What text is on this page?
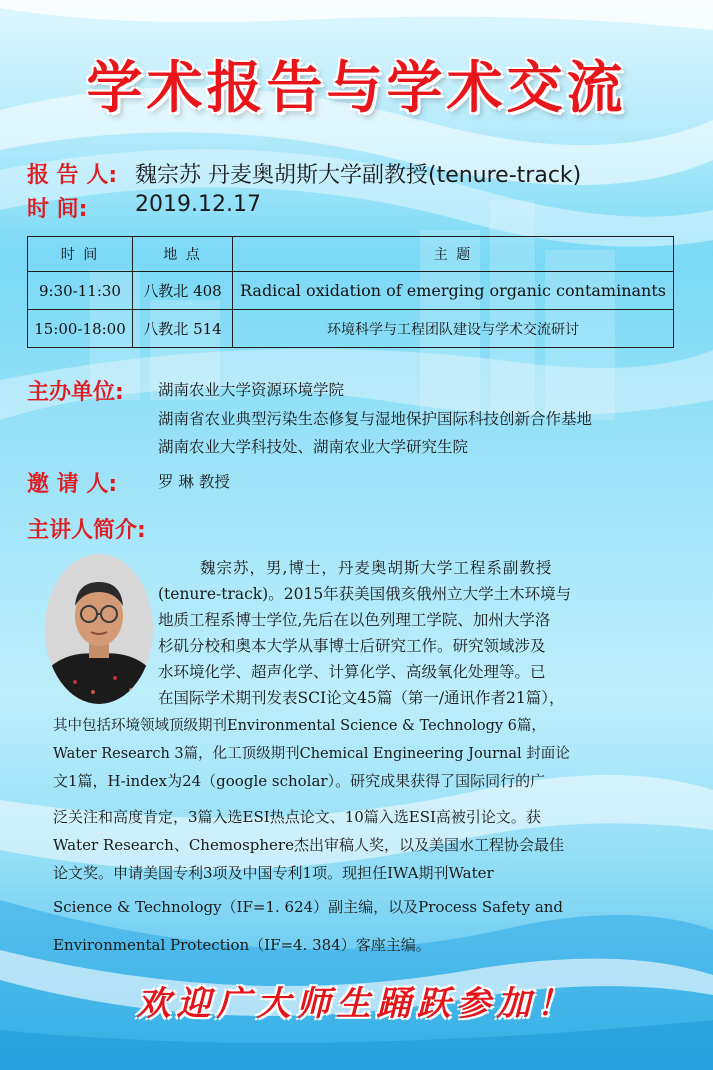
学术报告与学术交流
报 告 人: 魏宗苏 丹麦奥胡斯大学副教授(tenure-track)
时 间: 2019.12.17
时 间	地 点	主 题
9:30-11:30	八教北 408	Radical oxidation of emerging organic contaminants
15:00-18:00	八教北 514	环境科学与工程团队建设与学术交流研讨
主办单位: 湖南农业大学资源环境学院
湖南省农业典型污染生态修复与湿地保护国际科技创新合作基地
湖南农业大学科技处、湖南农业大学研究生院
邀 请 人:	罗 琳 教授
主讲人简介:
魏宗苏，男,博士，丹麦奥胡斯大学工程系副教授
(tenure-track)。2015年获美国俄亥俄州立大学土木环境与
地质工程系博士学位,先后在以色列理工学院、加州大学洛
杉矶分校和奥本大学从事博士后研究工作。研究领域涉及
水环境化学、超声化学、计算化学、高级氧化处理等。已
在国际学术期刊发表SCI论文45篇（第一/通讯作者21篇），
其中包括环境领域顶级期刊Environmental Science & Technology 6篇，
Water Research 3篇，化工顶级期刊Chemical Engineering Journal 封面论
文1篇，H-index为24（google scholar）。研究成果获得了国际同行的广
泛关注和高度肯定，3篇入选ESI热点论文、10篇入选ESI高被引论文。获
Water Research、Chemosphere杰出审稿人奖，以及美国水工程协会最佳
论文奖。申请美国专利3项及中国专利1项。现担任IWA期刊Water
Science & Technology（IF=1. 624）副主编，以及Process Safety and
Environmental Protection（IF=4. 384）客座主编。
欢迎广大师生踊跃参加！
